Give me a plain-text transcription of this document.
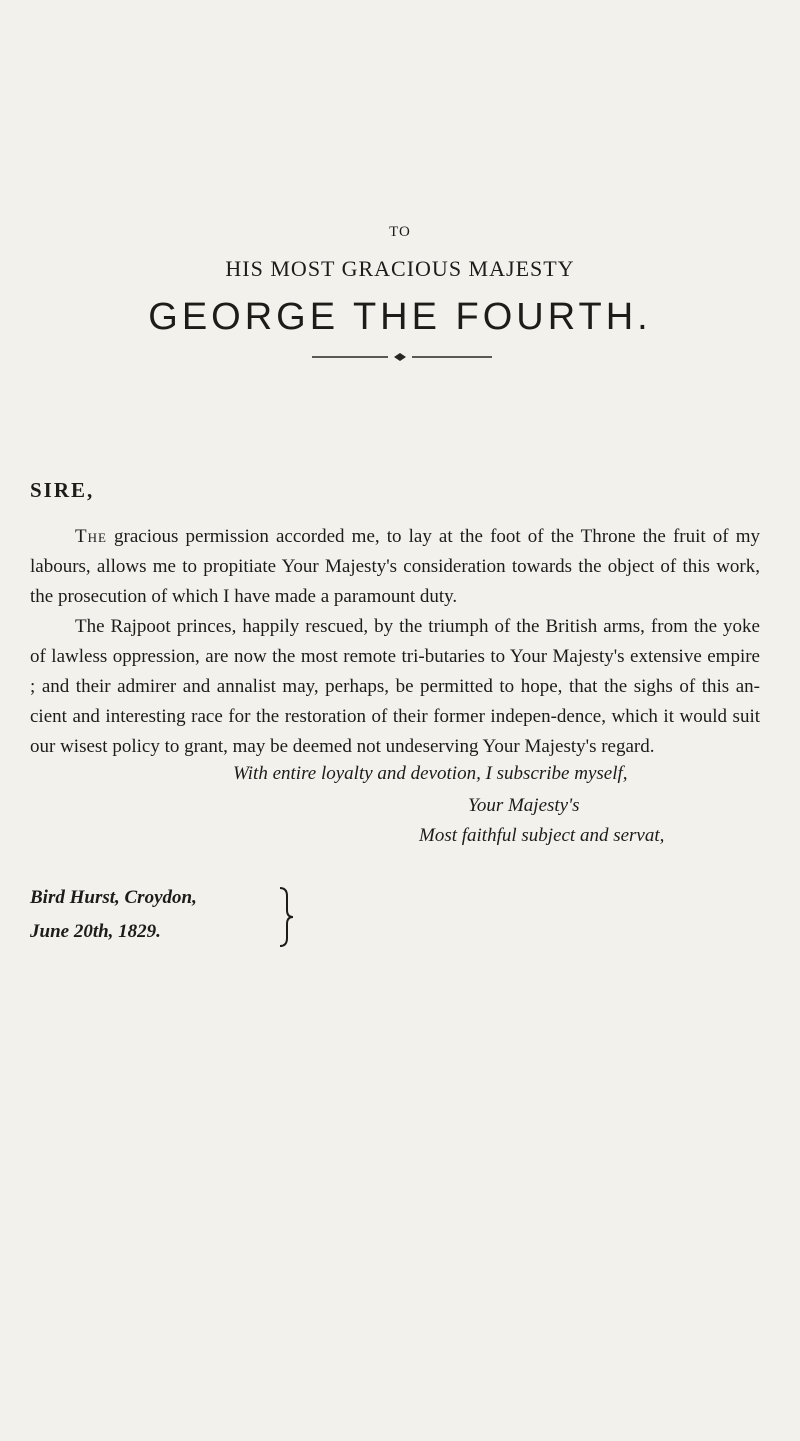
TO
HIS MOST GRACIOUS MAJESTY
GEORGE THE FOURTH.
SIRE,

The gracious permission accorded me, to lay at the foot of the Throne the fruit of my labours, allows me to propitiate Your Majesty's consideration towards the object of this work, the prosecution of which I have made a paramount duty.

The Rajpoot princes, happily rescued, by the triumph of the British arms, from the yoke of lawless oppression, are now the most remote tri-butaries to Your Majesty's extensive empire ; and their admirer and annalist may, perhaps, be permitted to hope, that the sighs of this an-cient and interesting race for the restoration of their former indepen-dence, which it would suit our wisest policy to grant, may be deemed not undeserving Your Majesty's regard.

With entire loyalty and devotion, I subscribe myself,
Your Majesty's
Most faithful subject and servat,
Bird Hurst, Croydon,
June 20th, 1829.
